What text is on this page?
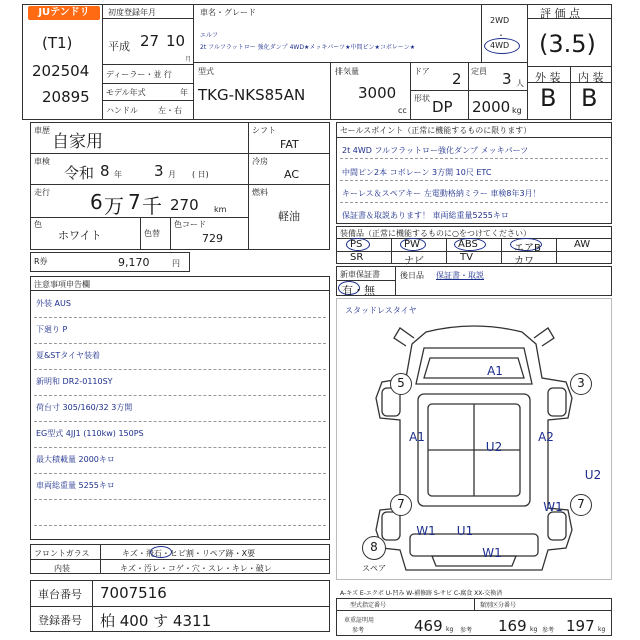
JUテンドリ	初度登録年月
(T1)	平成 27 10
月
202504
20895
ディーラー・並 行
モデル年式	年
ハンドル	左・右
車名・グレード
エルフ
2t フルフラットロー 強化ダンプ 4WD★メッキパーツ★中間ピン★コボレーン★
2WD
・
4WD
型式
TKG-NKS85AN
排気量
3000
cc
ドア 2 定員 3 人
形状 DP 2000 kg
評 価 点
(3.5)
外 装 内 装
B B
車歴
自家用
シフト
FAT
車検
令和 8 年 3 月 ( 日)
冷房
AC
走行 6 万 7 千 270 km
燃料
軽油
色
ホワイト	色替
色コード
729
R券	9,170	円
注意事項申告欄
外装 AUS
下廻り P
夏&STタイヤ装着
新明和 DR2-0110SY
荷台寸 305/160/32 3方開
EG型式 4JJ1 (110kw) 150PS
最大積載量 2000キロ
車両総重量 5255キロ
セールスポイント（正常に機能するものに限ります）
2t 4WD フルフラットロー強化ダンプ メッキパーツ
中間ピン2本 コボレーン 3方開 10尺 ETC
キーレス＆スペアキー 左電動格納ミラー 車検8年3月！
保証書＆取説あります！ 車両総重量5255キロ
装備品（正常に機能するものに○をつけてください）
PS	PW	ABS	エアB	AW
SR	ナビ	TV	カワ
新車保証書
有・無
後日品 保証書・取説
スタッドレスタイヤ
A1
5	3
A1
U2
A2
U2
7	7
W1
U1
W1
W1
8
スペア
フロントガラス	キズ・飛石・ヒビ割・リペア跡・X要
内装	キズ・汚レ・コゲ・穴・スレ・キレ・破レ
車台番号 7007516
登録番号 柏 400 す 4311
A-キズ E-エクボ U-凹み W-補修跡 S-サビ C-腐食 XX-交換済
型式指定番号	類別区分番号
車重証明用
参考	469 kg 参考 169 kg 参考 197 kg
